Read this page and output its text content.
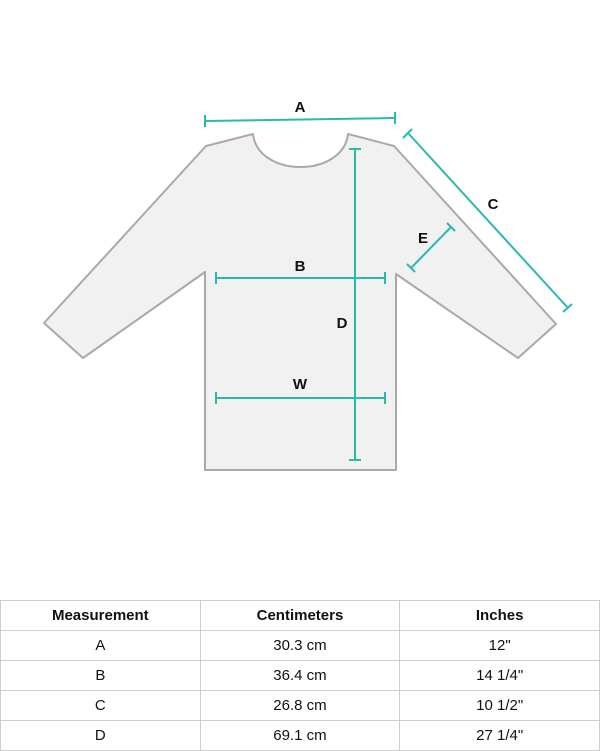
A
C
E
B
D
W
Measurement	Centimeters	Inches
A	30.3 cm	12"
B	36.4 cm	14 1/4"
C	26.8 cm	10 1/2"
D	69.1 cm	27 1/4"
